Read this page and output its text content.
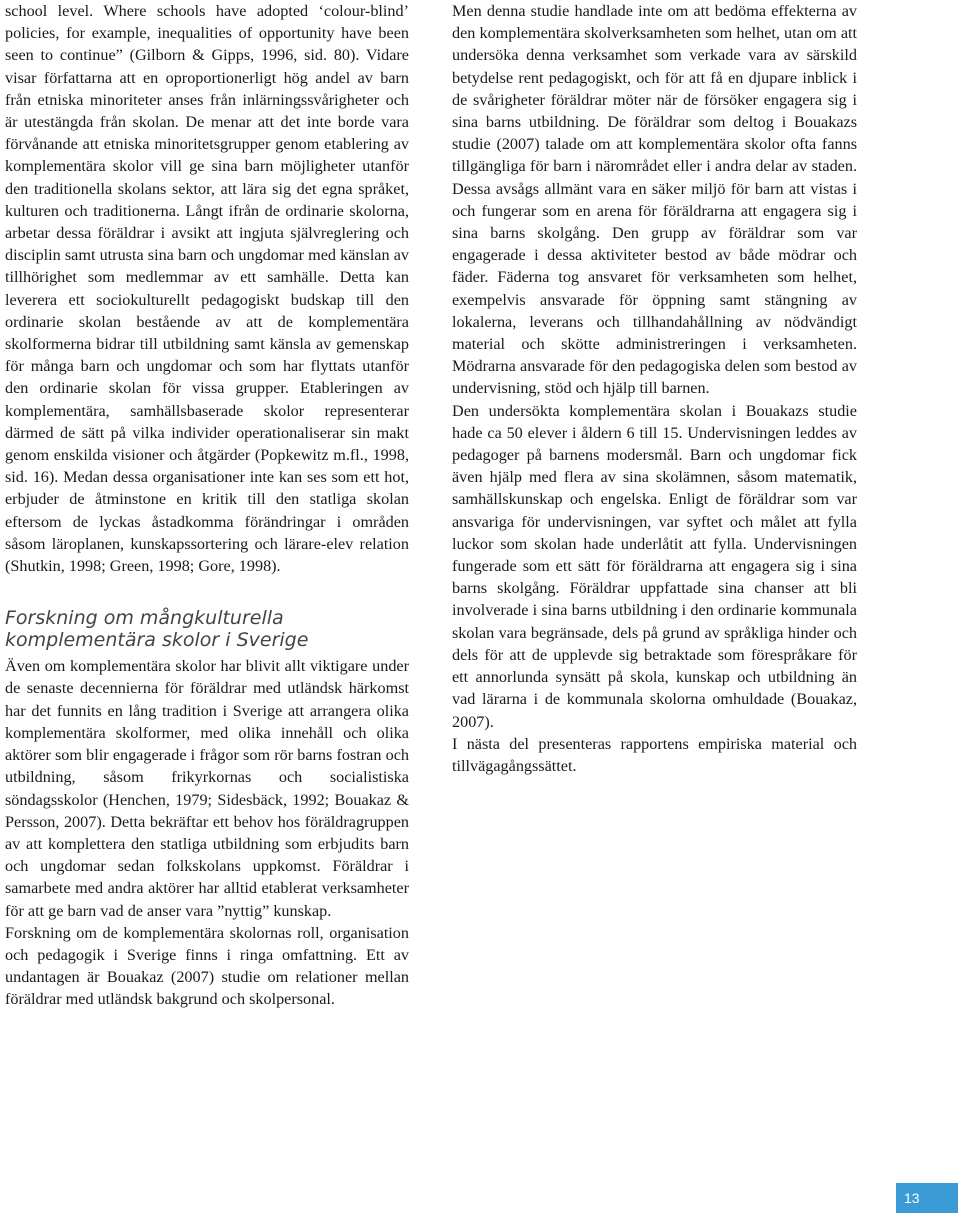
school level. Where schools have adopted ‘colour-blind’ policies, for example, inequalities of opportunity have been seen to continue” (Gilborn & Gipps, 1996, sid. 80). Vidare visar författarna att en oproportionerligt hög andel av barn från etniska minoriteter anses från inlärningssvårigheter och är utestängda från skolan. De menar att det inte borde vara förvånande att etniska minoritetsgrupper genom etablering av komplementära skolor vill ge sina barn möjligheter utanför den traditionella skolans sektor, att lära sig det egna språket, kulturen och traditionerna. Långt ifrån de ordinarie skolorna, arbetar dessa föräldrar i avsikt att ingjuta självreglering och disciplin samt utrusta sina barn och ungdomar med känslan av tillhörighet som medlemmar av ett samhälle. Detta kan leverera ett sociokulturellt pedagogiskt budskap till den ordinarie skolan bestående av att de komplementära skolformerna bidrar till utbildning samt känsla av gemenskap för många barn och ungdomar och som har flyttats utanför den ordinarie skolan för vissa grupper. Etableringen av komplementära, samhällsbaserade skolor representerar därmed de sätt på vilka individer operationaliserar sin makt genom enskilda visioner och åtgärder (Popkewitz m.fl., 1998, sid. 16). Medan dessa organisationer inte kan ses som ett hot, erbjuder de åtminstone en kritik till den statliga skolan eftersom de lyckas åstadkomma förändringar i områden såsom läroplanen, kunskapssortering och lärare-elev relation (Shutkin, 1998; Green, 1998; Gore, 1998).

Forskning om mångkulturella komplementära skolor i Sverige

Även om komplementära skolor har blivit allt viktigare under de senaste decennierna för föräldrar med utländsk härkomst har det funnits en lång tradition i Sverige att arrangera olika komplementära skolformer, med olika innehåll och olika aktörer som blir engagerade i frågor som rör barns fostran och utbildning, såsom frikyrkornas och socialistiska söndagsskolor (Henchen, 1979; Sidesbäck, 1992; Bouakaz & Persson, 2007). Detta bekräftar ett behov hos föräldragruppen av att komplettera den statliga utbildning som erbjudits barn och ungdomar sedan folkskolans uppkomst. Föräldrar i samarbete med andra aktörer har alltid etablerat verksamheter för att ge barn vad de anser vara ”nyttig” kunskap.

Forskning om de komplementära skolornas roll, organisation och pedagogik i Sverige finns i ringa omfattning. Ett av undantagen är Bouakaz (2007) studie om relationer mellan föräldrar med utländsk bakgrund och skolpersonal.

Men denna studie handlade inte om att bedöma effekterna av den komplementära skolverksamheten som helhet, utan om att undersöka denna verksamhet som verkade vara av särskild betydelse rent pedagogiskt, och för att få en djupare inblick i de svårigheter föräldrar möter när de försöker engagera sig i sina barns utbildning. De föräldrar som deltog i Bouakazs studie (2007) talade om att komplementära skolor ofta fanns tillgängliga för barn i närområdet eller i andra delar av staden. Dessa avsågs allmänt vara en säker miljö för barn att vistas i och fungerar som en arena för föräldrarna att engagera sig i sina barns skolgång. Den grupp av föräldrar som var engagerade i dessa aktiviteter bestod av både mödrar och fäder. Fäderna tog ansvaret för verksamheten som helhet, exempelvis ansvarade för öppning samt stängning av lokalerna, leverans och tillhandahållning av nödvändigt material och skötte administreringen i verksamheten. Mödrarna ansvarade för den pedagogiska delen som bestod av undervisning, stöd och hjälp till barnen.

Den undersökta komplementära skolan i Bouakazs studie hade ca 50 elever i åldern 6 till 15. Undervisningen leddes av pedagoger på barnens modersmål. Barn och ungdomar fick även hjälp med flera av sina skolämnen, såsom matematik, samhällskunskap och engelska. Enligt de föräldrar som var ansvariga för undervisningen, var syftet och målet att fylla luckor som skolan hade underlåtit att fylla. Undervisningen fungerade som ett sätt för föräldrarna att engagera sig i sina barns skolgång. Föräldrar uppfattade sina chanser att bli involverade i sina barns utbildning i den ordinarie kommunala skolan vara begränsade, dels på grund av språkliga hinder och dels för att de upplevde sig betraktade som förespråkare för ett annorlunda synsätt på skola, kunskap och utbildning än vad lärarna i de kommunala skolorna omhuldade (Bouakaz, 2007).

I nästa del presenteras rapportens empiriska material och tillvägagångssättet.

13
